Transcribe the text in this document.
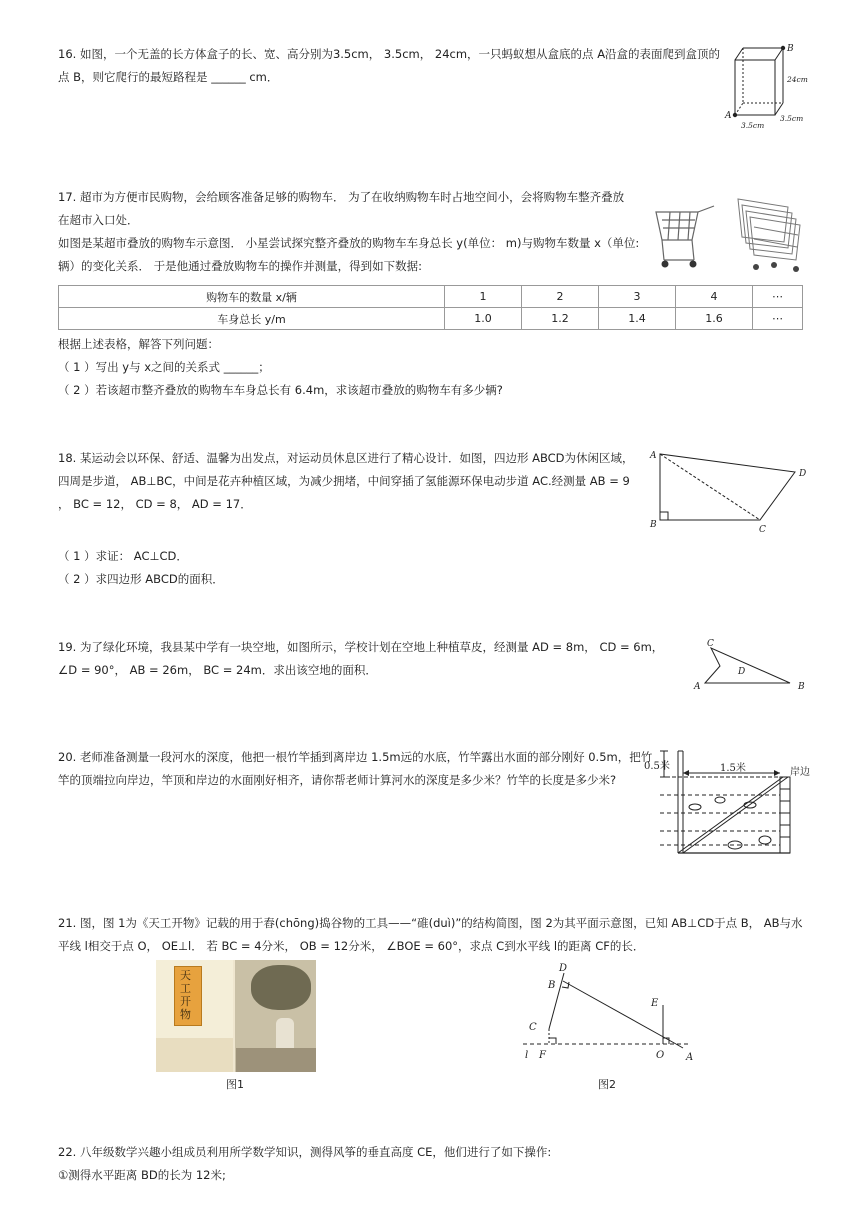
16. 如图，一个无盖的长方体盒子的长、宽、高分别为3.5cm， 3.5cm， 24cm，一只蚂蚁想从盒底的点 A沿盒的表面爬到盒顶的
点 B，则它爬行的最短路程是 ______ cm．
B
A
24cm
3.5cm
3.5cm
17. 超市为方便市民购物，会给顾客准备足够的购物车． 为了在收纳购物车时占地空间小，会将购物车整齐叠放
在超市入口处．
如图是某超市叠放的购物车示意图． 小星尝试探究整齐叠放的购物车车身总长 y(单位： m)与购物车数量 x（单位:
辆）的变化关系． 于是他通过叠放购物车的操作并测量，得到如下数据:
购物车的数量 x/辆	1	2	3	4	⋯
车身总长 y/m	1.0	1.2	1.4	1.6	⋯
根据上述表格，解答下列问题：
（ 1 ）写出 y与 x之间的关系式 ______；
（ 2 ）若该超市整齐叠放的购物车车身总长有 6.4m，求该超市叠放的购物车有多少辆?
18. 某运动会以环保、舒适、温馨为出发点，对运动员休息区进行了精心设计．如图，四边形 ABCD为休闲区域，
四周是步道， AB⊥BC，中间是花卉种植区域，为减少拥堵，中间穿插了氢能源环保电动步道 AC.经测量 AB = 9
， BC = 12， CD = 8， AD = 17．
（ 1 ）求证： AC⊥CD．
（ 2 ）求四边形 ABCD的面积．
A
B	C
D
19. 为了绿化环境，我县某中学有一块空地，如图所示，学校计划在空地上种植草皮，经测量 AD = 8m， CD = 6m，
∠D = 90°， AB = 26m， BC = 24m．求出该空地的面积．
C
D
A	B
20. 老师准备测量一段河水的深度，他把一根竹竿插到离岸边 1.5m远的水底，竹竿露出水面的部分刚好 0.5m，把竹
竿的顶端拉向岸边，竿顶和岸边的水面刚好相齐，请你帮老师计算河水的深度是多少米？竹竿的长度是多少米?
0.5米	1.5米	岸边
21. 图，图 1为《天工开物》记载的用于舂(chōng)捣谷物的工具——“碓(duì)”的结构简图，图 2为其平面示意图，已知 AB⊥CD于点 B， AB与水
平线 l相交于点 O， OE⊥l． 若 BC = 4分米， OB = 12分米， ∠BOE = 60°，求点 C到水平线 l的距离 CF的长．
天工开物
图1
D
B
C
E
l F	O A
图2
22. 八年级数学兴趣小组成员利用所学数学知识，测得风筝的垂直高度 CE，他们进行了如下操作:
①测得水平距离 BD的长为 12米;
